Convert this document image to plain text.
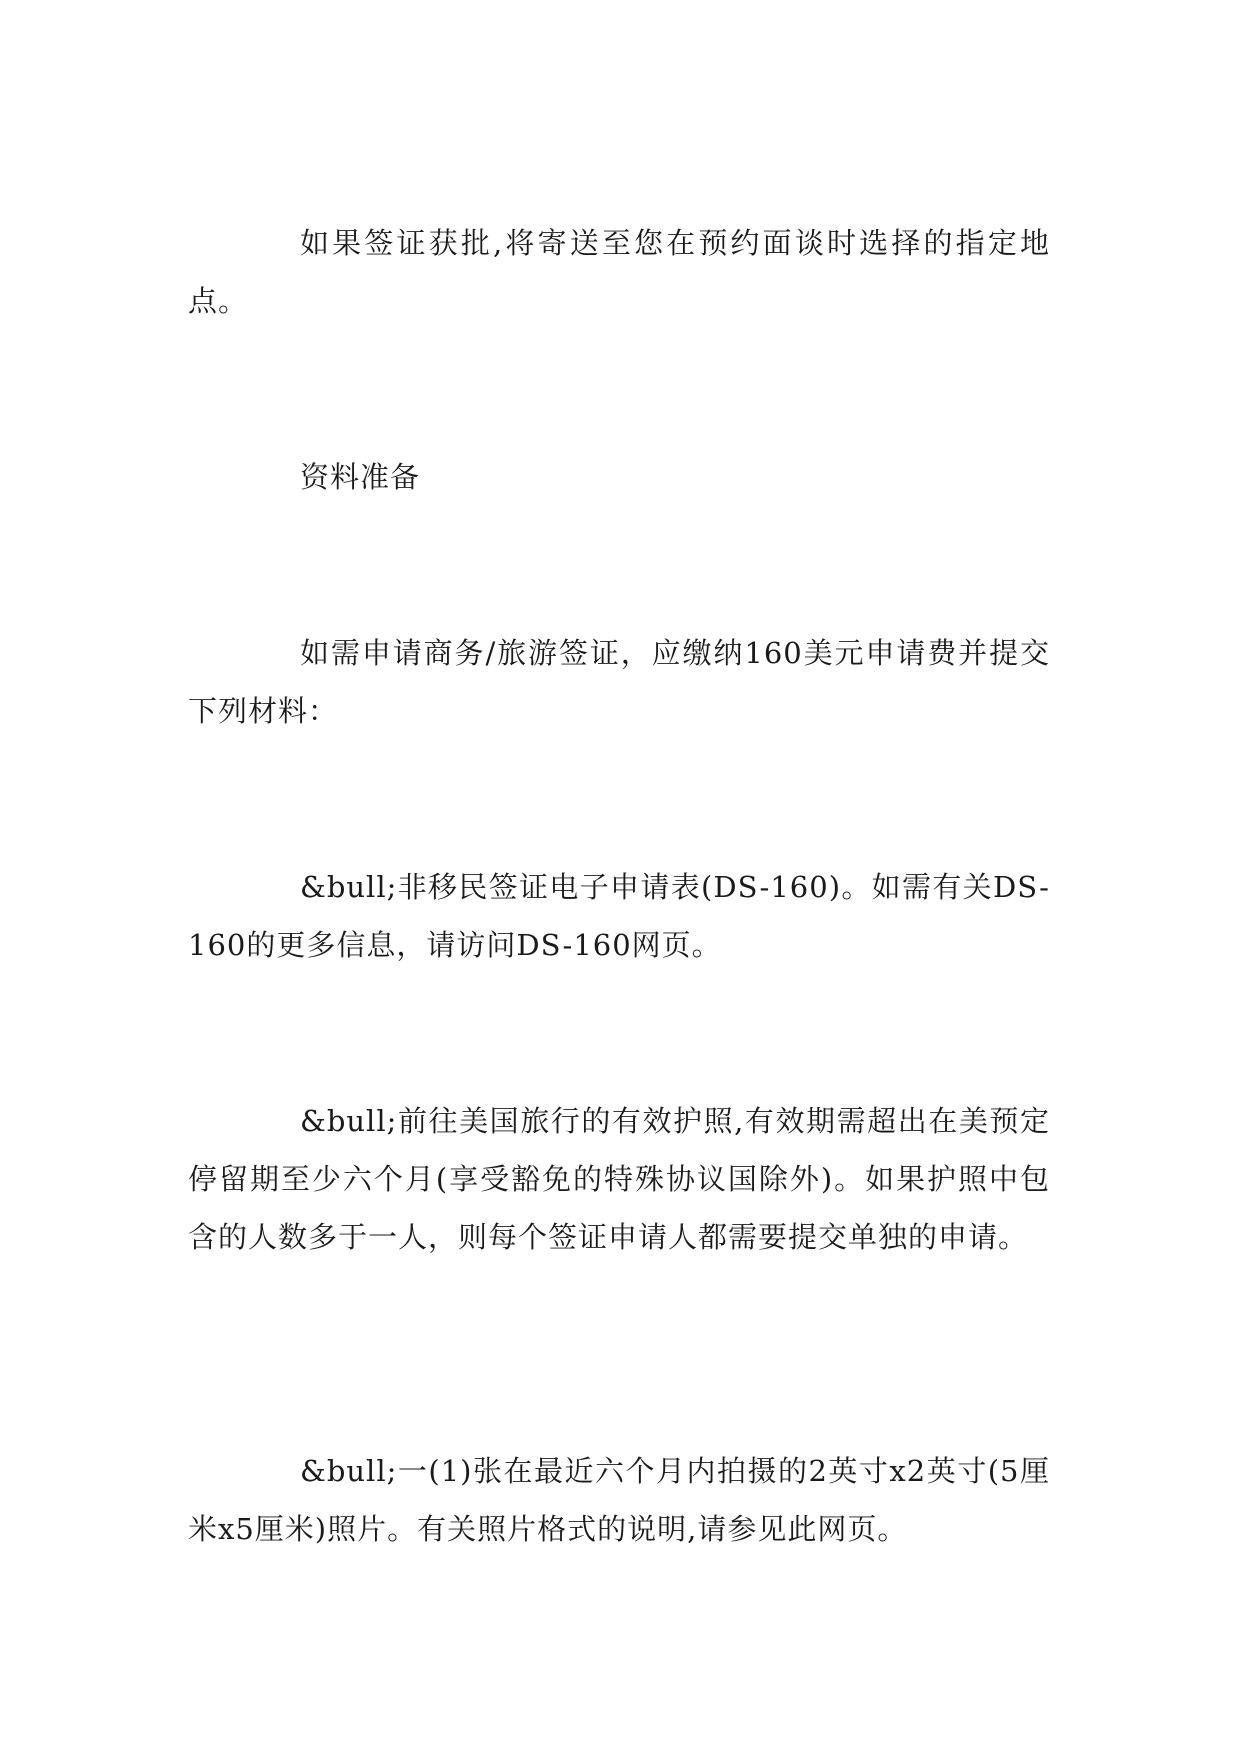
如果签证获批,将寄送至您在预约面谈时选择的指定地点。

资料准备

如需申请商务/旅游签证，应缴纳160美元申请费并提交下列材料：

&bull;非移民签证电子申请表(DS-160)。如需有关DS-160的更多信息，请访问DS-160网页。

&bull;前往美国旅行的有效护照,有效期需超出在美预定停留期至少六个月(享受豁免的特殊协议国除外)。如果护照中包含的人数多于一人，则每个签证申请人都需要提交单独的申请。

&bull;一(1)张在最近六个月内拍摄的2英寸x2英寸(5厘米x5厘米)照片。有关照片格式的说明,请参见此网页。
